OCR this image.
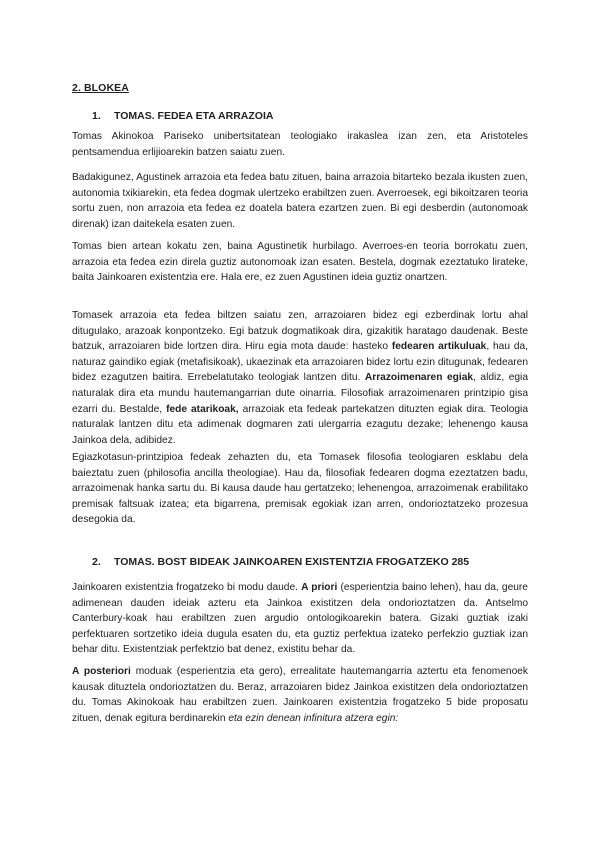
2. BLOKEA
1. TOMAS. FEDEA ETA ARRAZOIA

Tomas Akinokoa Pariseko unibertsitatean teologiako irakaslea izan zen, eta Aristoteles pentsamendua erlijioarekin batzen saiatu zuen.

Badakigunez, Agustinek arrazoia eta fedea batu zituen, baina arrazoia bitarteko bezala ikusten zuen, autonomia txikiarekin, eta fedea dogmak ulertzeko erabiltzen zuen. Averroesek, egi bikoitzaren teoria sortu zuen, non arrazoia eta fedea ez doatela batera ezartzen zuen. Bi egi desberdin (autonomoak direnak) izan daitekela esaten zuen.

Tomas bien artean kokatu zen, baina Agustinetik hurbilago. Averroes-en teoria borrokatu zuen, arrazoia eta fedea ezin direla guztiz autonomoak izan esaten. Bestela, dogmak ezeztatuko lirateke, baita Jainkoaren existentzia ere. Hala ere, ez zuen Agustinen ideia guztiz onartzen.

Tomasek arrazoia eta fedea biltzen saiatu zen, arrazoiaren bidez egi ezberdinak lortu ahal ditugulako, arazoak konpontzeko. Egi batzuk dogmatikoak dira, gizakitik haratago daudenak. Beste batzuk, arrazoiaren bide lortzen dira. Hiru egia mota daude: hasteko fedearen artikuluak, hau da, naturaz gaindiko egiak (metafisikoak), ukaezinak eta arrazoiaren bidez lortu ezin ditugunak, fedearen bidez ezagutzen baitira. Errebelatutako teologiak lantzen ditu. Arrazoimenaren egiak, aldiz, egia naturalak dira eta mundu hautemangarrian dute oinarria. Filosofiak arrazoimenaren printzipio gisa ezarri du. Bestalde, fede atarikoak, arrazoiak eta fedeak partekatzen dituzten egiak dira. Teologia naturalak lantzen ditu eta adimenak dogmaren zati ulergarria ezagutu dezake; lehenengo kausa Jainkoa dela, adibidez.

Egiazkotasun-printzipioa fedeak zehazten du, eta Tomasek filosofia teologiaren esklabu dela baieztatu zuen (philosofia ancilla theologiae). Hau da, filosofiak fedearen dogma ezeztatzen badu, arrazoimenak hanka sartu du. Bi kausa daude hau gertatzeko; lehenengoa, arrazoimenak erabilitako premisak faltsuak izatea; eta bigarrena, premisak egokiak izan arren, ondorioztatzeko prozesua desegokia da.

2. TOMAS. BOST BIDEAK JAINKOAREN EXISTENTZIA FROGATZEKO 285

Jainkoaren existentzia frogatzeko bi modu daude. A priori (esperientzia baino lehen), hau da, geure adimenean dauden ideiak azteru eta Jainkoa existitzen dela ondorioztatzen da. Antselmo Canterbury-koak hau erabiltzen zuen argudio ontologikoarekin batera. Gizaki guztiak izaki perfektuaren sortzetiko ideia dugula esaten du, eta guztiz perfektua izateko perfekzio guztiak izan behar ditu. Existentziak perfektzio bat denez, existitu behar da.

A posteriori moduak (esperientzia eta gero), errealitate hautemangarria aztertu eta fenomenoek kausak dituztela ondorioztatzen du. Beraz, arrazoiaren bidez Jainkoa existitzen dela ondorioztatzen du. Tomas Akinokoak hau erabiltzen zuen. Jainkoaren existentzia frogatzeko 5 bide proposatu zituen, denak egitura berdinarekin eta ezin denean infinitura atzera egin:
